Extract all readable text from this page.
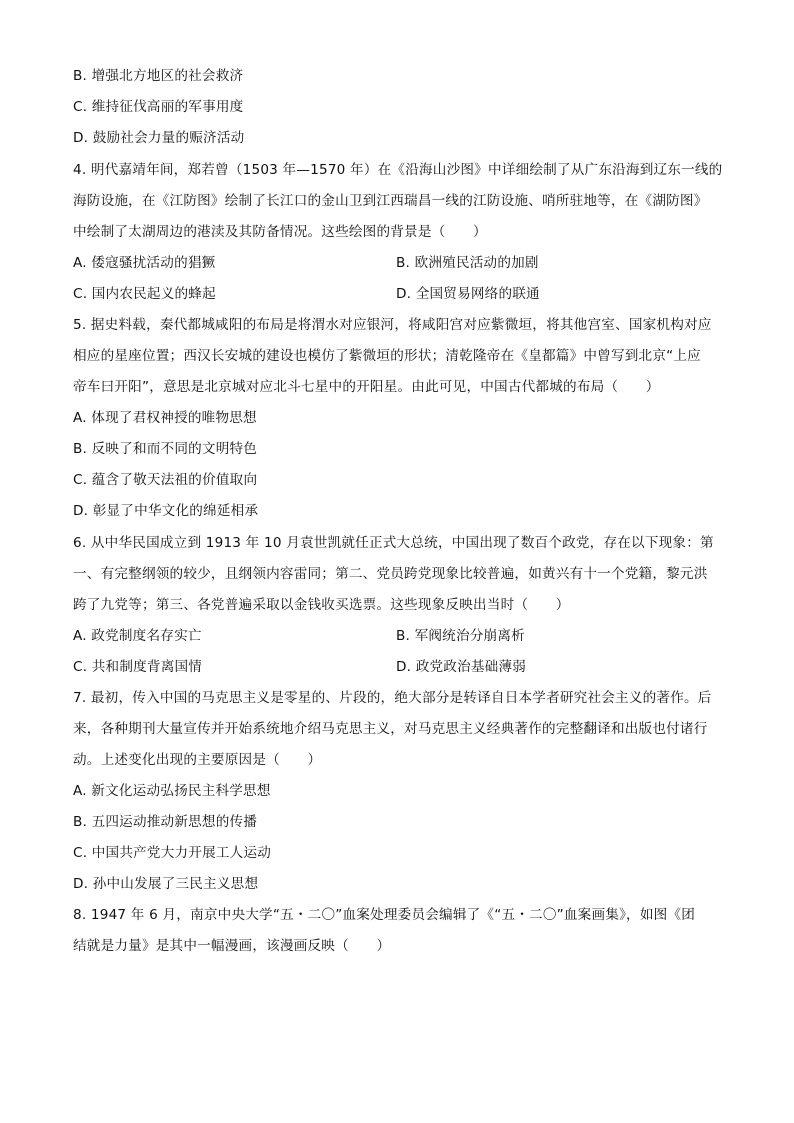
B. 增强北方地区的社会救济
C. 维持征伐高丽的军事用度
D. 鼓励社会力量的赈济活动
4. 明代嘉靖年间，郑若曾（1503 年—1570 年）在《沿海山沙图》中详细绘制了从广东沿海到辽东一线的
海防设施，在《江防图》绘制了长江口的金山卫到江西瑞昌一线的江防设施、哨所驻地等，在《湖防图》
中绘制了太湖周边的港渎及其防备情况。这些绘图的背景是（　　）
A. 倭寇骚扰活动的猖獗	B. 欧洲殖民活动的加剧
C. 国内农民起义的蜂起	D. 全国贸易网络的联通
5. 据史料载，秦代都城咸阳的布局是将渭水对应银河，将咸阳宫对应紫微垣，将其他宫室、国家机构对应
相应的星座位置；西汉长安城的建设也模仿了紫微垣的形状；清乾隆帝在《皇都篇》中曾写到北京“上应
帝车曰开阳”，意思是北京城对应北斗七星中的开阳星。由此可见，中国古代都城的布局（　　）
A. 体现了君权神授的唯物思想
B. 反映了和而不同的文明特色
C. 蕴含了敬天法祖的价值取向
D. 彰显了中华文化的绵延相承
6. 从中华民国成立到 1913 年 10 月袁世凯就任正式大总统，中国出现了数百个政党，存在以下现象：第
一、有完整纲领的较少，且纲领内容雷同；第二、党员跨党现象比较普遍，如黄兴有十一个党籍，黎元洪
跨了九党等；第三、各党普遍采取以金钱收买选票。这些现象反映出当时（　　）
A. 政党制度名存实亡	B. 军阀统治分崩离析
C. 共和制度背离国情	D. 政党政治基础薄弱
7. 最初，传入中国的马克思主义是零星的、片段的，绝大部分是转译自日本学者研究社会主义的著作。后
来，各种期刊大量宣传并开始系统地介绍马克思主义，对马克思主义经典著作的完整翻译和出版也付诸行
动。上述变化出现的主要原因是（　　）
A. 新文化运动弘扬民主科学思想
B. 五四运动推动新思想的传播
C. 中国共产党大力开展工人运动
D. 孙中山发展了三民主义思想
8. 1947 年 6 月，南京中央大学“五・二〇”血案处理委员会编辑了《“五・二〇”血案画集》，如图《团
结就是力量》是其中一幅漫画，该漫画反映（　　）
